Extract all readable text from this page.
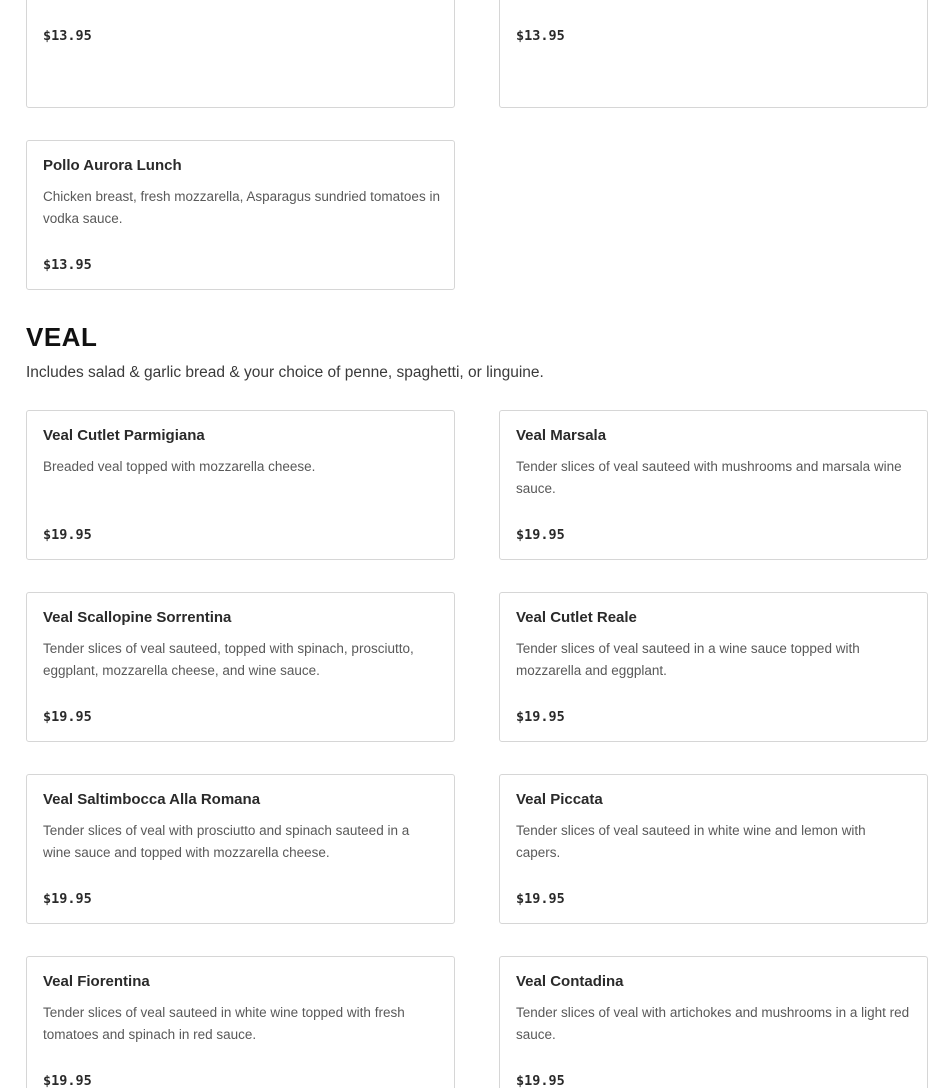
$13.95	$13.95
Pollo Aurora Lunch
Chicken breast, fresh mozzarella, Asparagus sundried tomatoes in vodka sauce.
$13.95
VEAL

Includes salad & garlic bread & your choice of penne, spaghetti, or linguine.

Veal Cutlet Parmigiana
Breaded veal topped with mozzarella cheese.
$19.95
Veal Marsala
Tender slices of veal sauteed with mushrooms and marsala wine sauce.
$19.95
Veal Scallopine Sorrentina
Tender slices of veal sauteed, topped with spinach, prosciutto, eggplant, mozzarella cheese, and wine sauce.
$19.95
Veal Cutlet Reale
Tender slices of veal sauteed in a wine sauce topped with mozzarella and eggplant.
$19.95
Veal Saltimbocca Alla Romana
Tender slices of veal with prosciutto and spinach sauteed in a wine sauce and topped with mozzarella cheese.
$19.95
Veal Piccata
Tender slices of veal sauteed in white wine and lemon with capers.
$19.95
Veal Fiorentina
Tender slices of veal sauteed in white wine topped with fresh tomatoes and spinach in red sauce.
$19.95
Veal Contadina
Tender slices of veal with artichokes and mushrooms in a light red sauce.
$19.95
